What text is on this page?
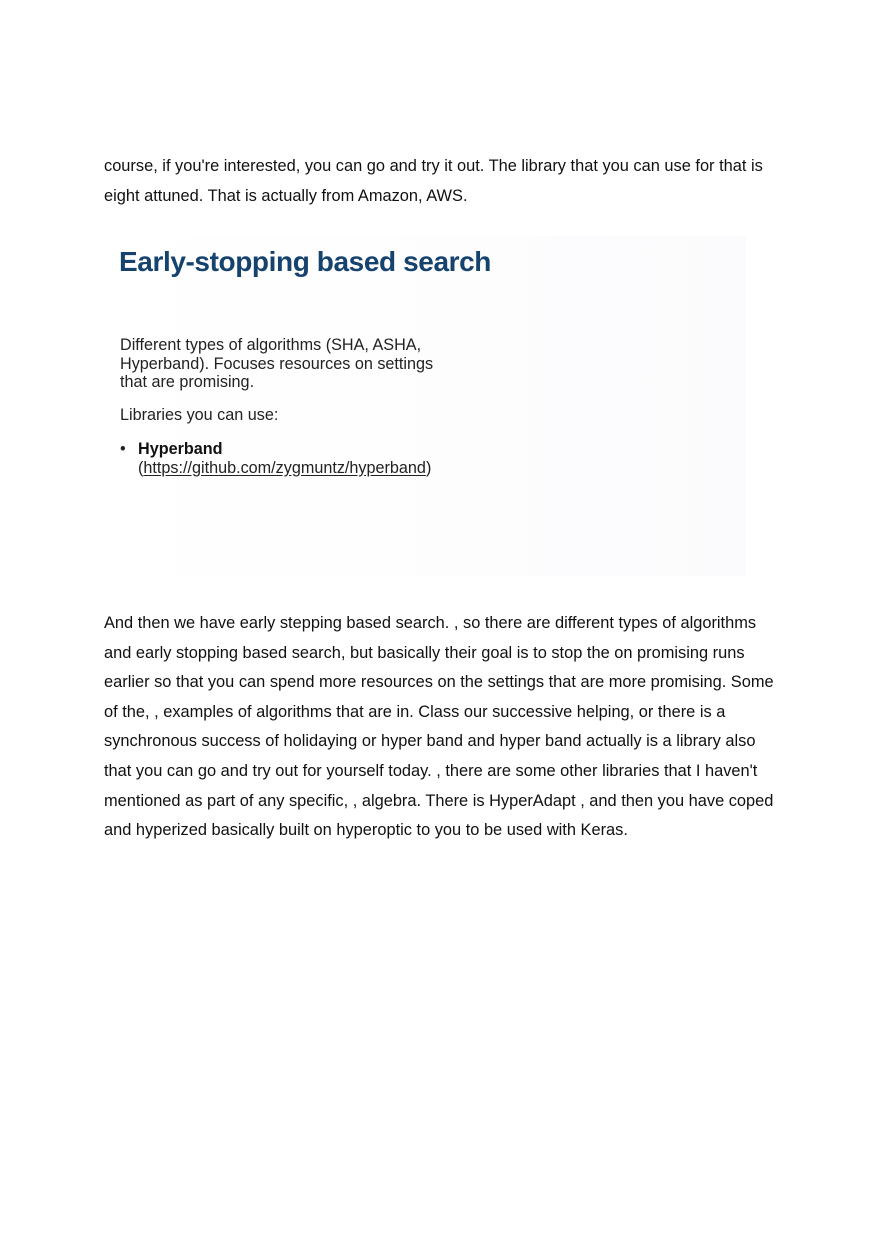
course, if you're interested, you can go and try it out. The library that you can use for that is eight attuned. That is actually from Amazon, AWS.

Early-stopping based search

Different types of algorithms (SHA, ASHA, Hyperband). Focuses resources on settings that are promising.

Libraries you can use:

• Hyperband (https://github.com/zygmuntz/hyperband)

And then we have early stepping based search. , so there are different types of algorithms and early stopping based search, but basically their goal is to stop the on promising runs earlier so that you can spend more resources on the settings that are more promising. Some of the, , examples of algorithms that are in. Class our successive helping, or there is a synchronous success of holidaying or hyper band and hyper band actually is a library also that you can go and try out for yourself today. , there are some other libraries that I haven't mentioned as part of any specific, , algebra. There is HyperAdapt , and then you have coped and hyperized basically built on hyperoptic to you to be used with Keras.
